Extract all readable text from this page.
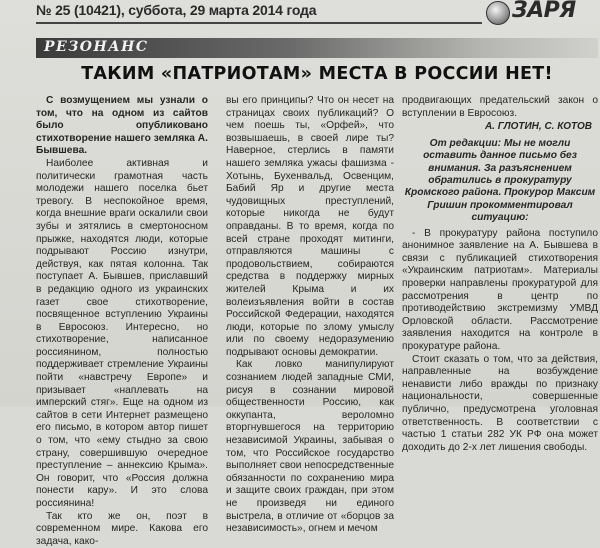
№ 25 (10421), суббота, 29 марта 2014 года	ЗАРЯ
РЕЗОНАНС
ТАКИМ «ПАТРИОТАМ» МЕСТА В РОССИИ НЕТ!

С возмущением мы узнали о том, что на одном из сайтов было опубликовано стихотворение нашего земляка А. Бывшева.

Наиболее активная и политически грамотная часть молодежи нашего поселка бьет тревогу. В неспокойное время, когда внешние враги оскалили свои зубы и зятялись в смертоносном прыжке, находятся люди, которые подрывают Россию изнутри, действуя, как пятая колонна. Так поступает А. Бывшев, приславший в редакцию одного из украинских газет свое стихотворение, посвященное вступлению Украины в Евросоюз. Интересно, но стихотворение, написанное россиянином, полностью поддерживает стремление Украины пойти «навстречу Европе» и призывает «наплевать на имперский стяг». Еще на одном из сайтов в сети Интернет размещено его письмо, в котором автор пишет о том, что «ему стыдно за свою страну, совершившую очередное преступление – аннексию Крыма». Он говорит, что «Россия должна понести кару». И это слова россиянина!

Так кто же он, поэт в современном мире. Какова его задача, како-

вы его принципы? Что он несет на страницах своих публикаций? О чем поешь ты, «Орфей», что возвышаешь, в своей лире ты? Наверное, стерлись в памяти нашего земляка ужасы фашизма - Хотынь, Бухенвальд, Освенцим, Бабий Яр и другие места чудовищных преступлений, которые никогда не будут оправданы. В то время, когда по всей стране проходят митинги, отправляются машины с продовольствием, собираются средства в поддержку мирных жителей Крыма и их волеизъявления войти в состав Российской Федерации, находятся люди, которые по злому умыслу или по своему недоразумению подрывают основы демократии.

Как ловко манипулируют сознанием людей западные СМИ, рисуя в сознании мировой общественности Россию, как оккупанта, вероломно вторгнувшегося на территорию независимой Украины, забывая о том, что Российское государство выполняет свои непосредственные обязанности по сохранению мира и защите своих граждан, при этом не произведя ни единого выстрела, в отличие от «борцов за независимость», огнем и мечом

продвигающих предательский закон о вступлении в Евросоюз.

А. ГЛОТИН, С. КОТОВ
От редакции: Мы не могли оставить данное письмо без внимания. За разъяснением обратились в прокуратуру Кромского района. Прокурор Максим Гришин прокомментировал ситуацию:

- В прокуратуру района поступило анонимное заявление на А. Бывшева в связи с публикацией стихотворения «Украинским патриотам». Материалы проверки направлены прокуратурой для рассмотрения в центр по противодействию экстремизму УМВД Орловской области. Рассмотрение заявления находится на контроле в прокуратуре района.

Стоит сказать о том, что за действия, направленные на возбуждение ненависти либо вражды по признаку национальности, совершенные публично, предусмотрена уголовная ответственность. В соответствии с частью 1 статьи 282 УК РФ она может доходить до 2-х лет лишения свободы.
